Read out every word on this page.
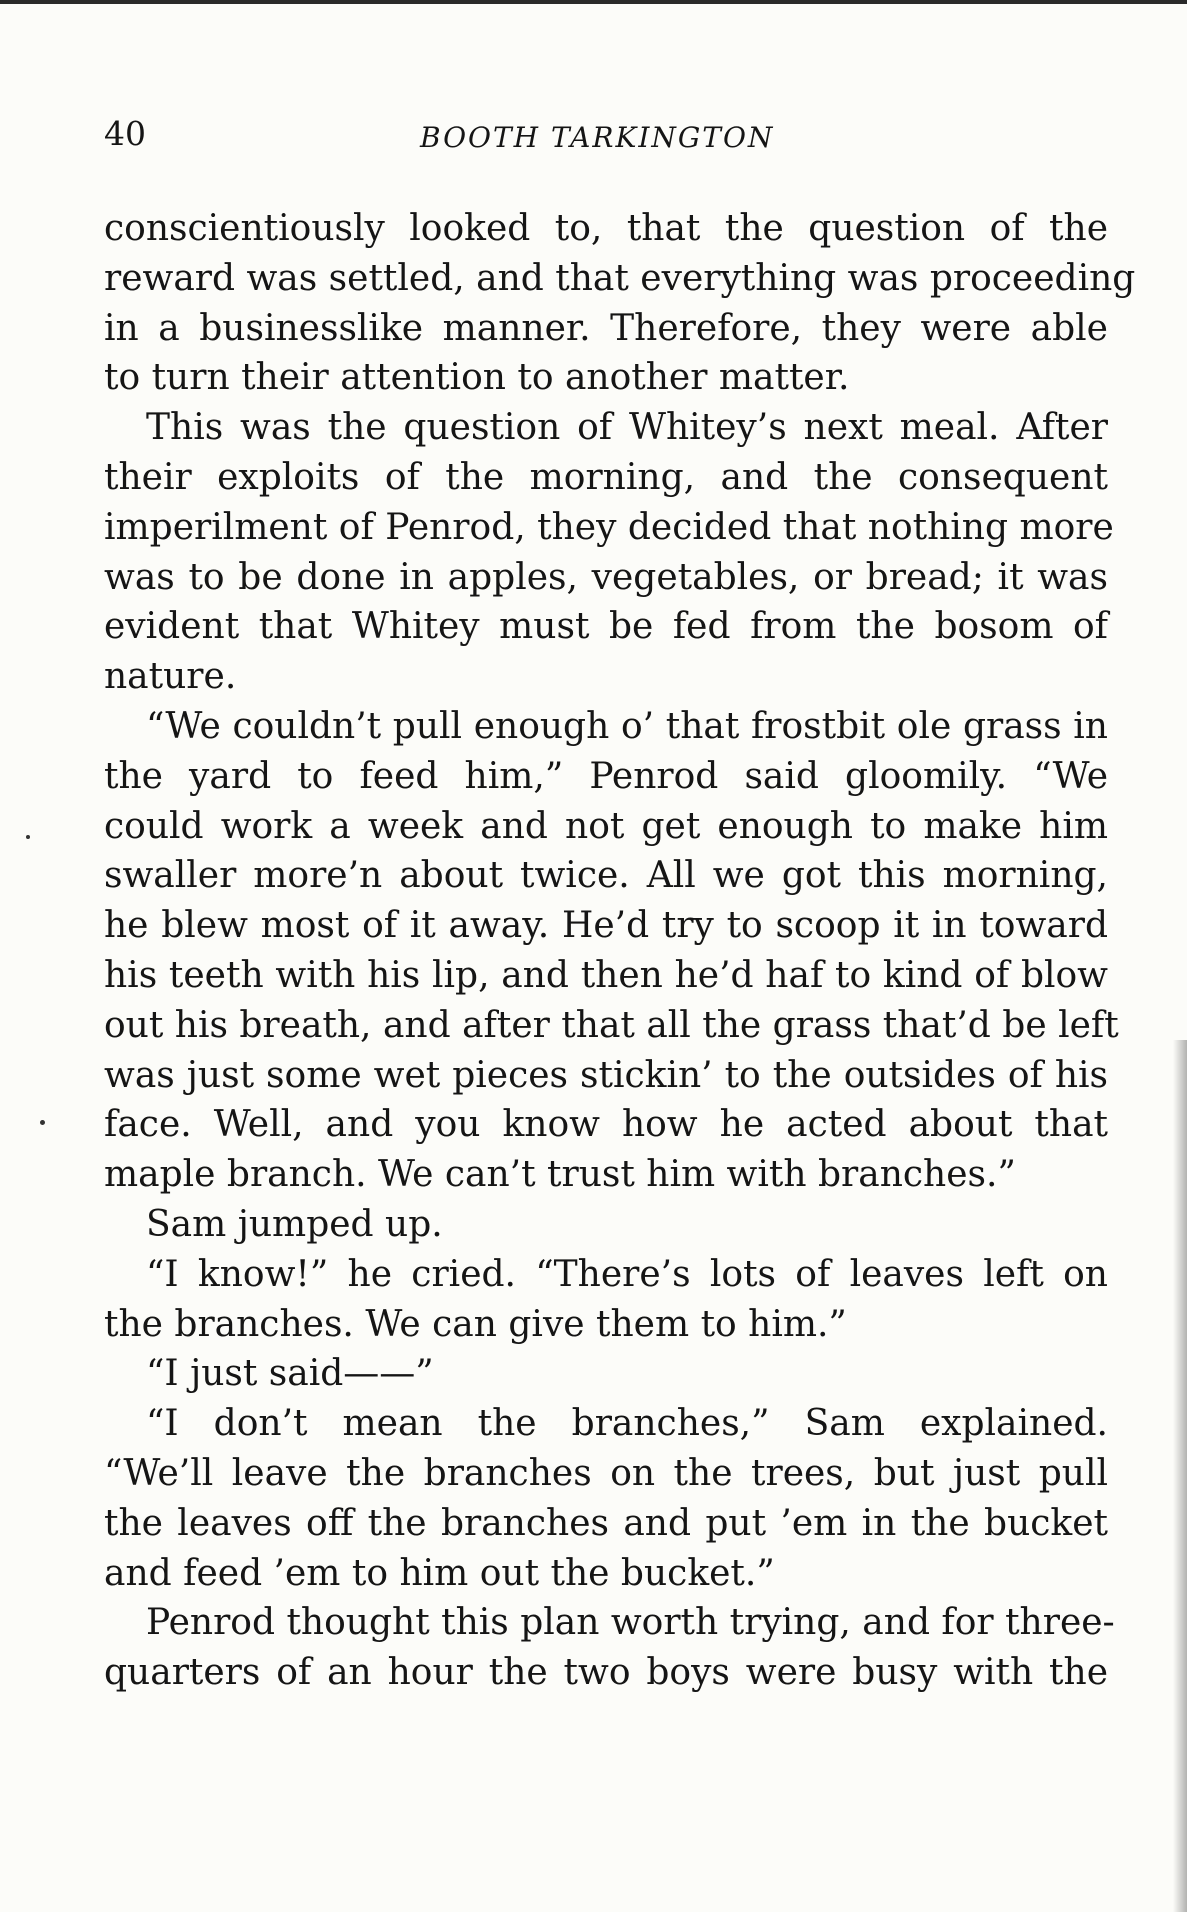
40	BOOTH TARKINGTON
conscientiously looked to, that the question of the
reward was settled, and that everything was proceeding
in a businesslike manner. Therefore, they were able
to turn their attention to another matter.
This was the question of Whitey’s next meal. After
their exploits of the morning, and the consequent
imperilment of Penrod, they decided that nothing more
was to be done in apples, vegetables, or bread; it was
evident that Whitey must be fed from the bosom of
nature.
“We couldn’t pull enough o’ that frostbit ole grass in
the yard to feed him,” Penrod said gloomily. “We
could work a week and not get enough to make him
swaller more’n about twice. All we got this morning,
he blew most of it away. He’d try to scoop it in toward
his teeth with his lip, and then he’d haf to kind of blow
out his breath, and after that all the grass that’d be left
was just some wet pieces stickin’ to the outsides of his
face. Well, and you know how he acted about that
maple branch. We can’t trust him with branches.”
Sam jumped up.
“I know!” he cried. “There’s lots of leaves left on
the branches. We can give them to him.”
“I just said——”
“I don’t mean the branches,” Sam explained.
“We’ll leave the branches on the trees, but just pull
the leaves off the branches and put ’em in the bucket
and feed ’em to him out the bucket.”
Penrod thought this plan worth trying, and for three-
quarters of an hour the two boys were busy with the
